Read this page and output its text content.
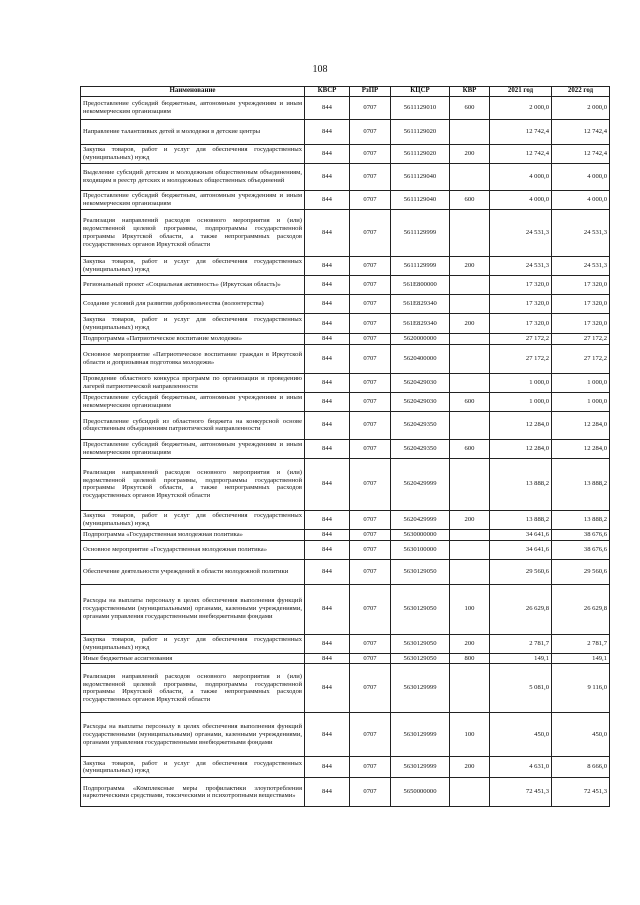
108
Наименование	КВСР	РзПР	КЦСР	КВР	2021 год	2022 год
Предоставление субсидий бюджетным, автономным учреждениям и иным некоммерческим организациям	844	0707	5611129010	600	2 000,0	2 000,0
Направление талантливых детей и молодежи в детские центры	844	0707	5611129020		12 742,4	12 742,4
Закупка товаров, работ и услуг для обеспечения государственных (муниципальных) нужд	844	0707	5611129020	200	12 742,4	12 742,4
Выделение субсидий детским и молодежным общественным объединениям, входящим в реестр детских и молодежных общественных объединений	844	0707	5611129040		4 000,0	4 000,0
Предоставление субсидий бюджетным, автономным учреждениям и иным некоммерческим организациям	844	0707	5611129040	600	4 000,0	4 000,0
Реализация направлений расходов основного мероприятия и (или) ведомственной целевой программы, подпрограммы государственной программы Иркутской области, а также непрограммных расходов государственных органов Иркутской области	844	0707	5611129999		24 531,3	24 531,3
Закупка товаров, работ и услуг для обеспечения государственных (муниципальных) нужд	844	0707	5611129999	200	24 531,3	24 531,3
Региональный проект «Социальная активность» (Иркутская область)»	844	0707	561E800000		17 320,0	17 320,0
Создание условий для развития добровольчества (волонтерства)	844	0707	561E829340		17 320,0	17 320,0
Закупка товаров, работ и услуг для обеспечения государственных (муниципальных) нужд	844	0707	561E829340	200	17 320,0	17 320,0
Подпрограмма «Патриотическое воспитание молодежи»	844	0707	5620000000		27 172,2	27 172,2
Основное мероприятие «Патриотическое воспитание граждан в Иркутской области и допризывная подготовка молодежи»	844	0707	5620400000		27 172,2	27 172,2
Проведение областного конкурса программ по организации и проведению лагерей патриотической направленности	844	0707	5620429030		1 000,0	1 000,0
Предоставление субсидий бюджетным, автономным учреждениям и иным некоммерческим организациям	844	0707	5620429030	600	1 000,0	1 000,0
Предоставление субсидий из областного бюджета на конкурсной основе общественным объединениям патриотической направленности	844	0707	5620429350		12 284,0	12 284,0
Предоставление субсидий бюджетным, автономным учреждениям и иным некоммерческим организациям	844	0707	5620429350	600	12 284,0	12 284,0
Реализация направлений расходов основного мероприятия и (или) ведомственной целевой программы, подпрограммы государственной программы Иркутской области, а также непрограммных расходов государственных органов Иркутской области	844	0707	5620429999		13 888,2	13 888,2
Закупка товаров, работ и услуг для обеспечения государственных (муниципальных) нужд	844	0707	5620429999	200	13 888,2	13 888,2
Подпрограмма «Государственная молодежная политика»	844	0707	5630000000		34 641,6	38 676,6
Основное мероприятие «Государственная молодежная политика»	844	0707	5630100000		34 641,6	38 676,6
Обеспечение деятельности учреждений в области молодежной политики	844	0707	5630129050		29 560,6	29 560,6
Расходы на выплаты персоналу в целях обеспечения выполнения функций государственными (муниципальными) органами, казенными учреждениями, органами управления государственными внебюджетными фондами	844	0707	5630129050	100	26 629,8	26 629,8
Закупка товаров, работ и услуг для обеспечения государственных (муниципальных) нужд	844	0707	5630129050	200	2 781,7	2 781,7
Иные бюджетные ассигнования	844	0707	5630129050	800	149,1	149,1
Реализация направлений расходов основного мероприятия и (или) ведомственной целевой программы, подпрограммы государственной программы Иркутской области, а также непрограммных расходов государственных органов Иркутской области	844	0707	5630129999		5 081,0	9 116,0
Расходы на выплаты персоналу в целях обеспечения выполнения функций государственными (муниципальными) органами, казенными учреждениями, органами управления государственными внебюджетными фондами	844	0707	5630129999	100	450,0	450,0
Закупка товаров, работ и услуг для обеспечения государственных (муниципальных) нужд	844	0707	5630129999	200	4 631,0	8 666,0
Подпрограмма «Комплексные меры профилактики злоупотребления наркотическими средствами, токсическими и психотропными веществами»	844	0707	5650000000		72 451,3	72 451,3
